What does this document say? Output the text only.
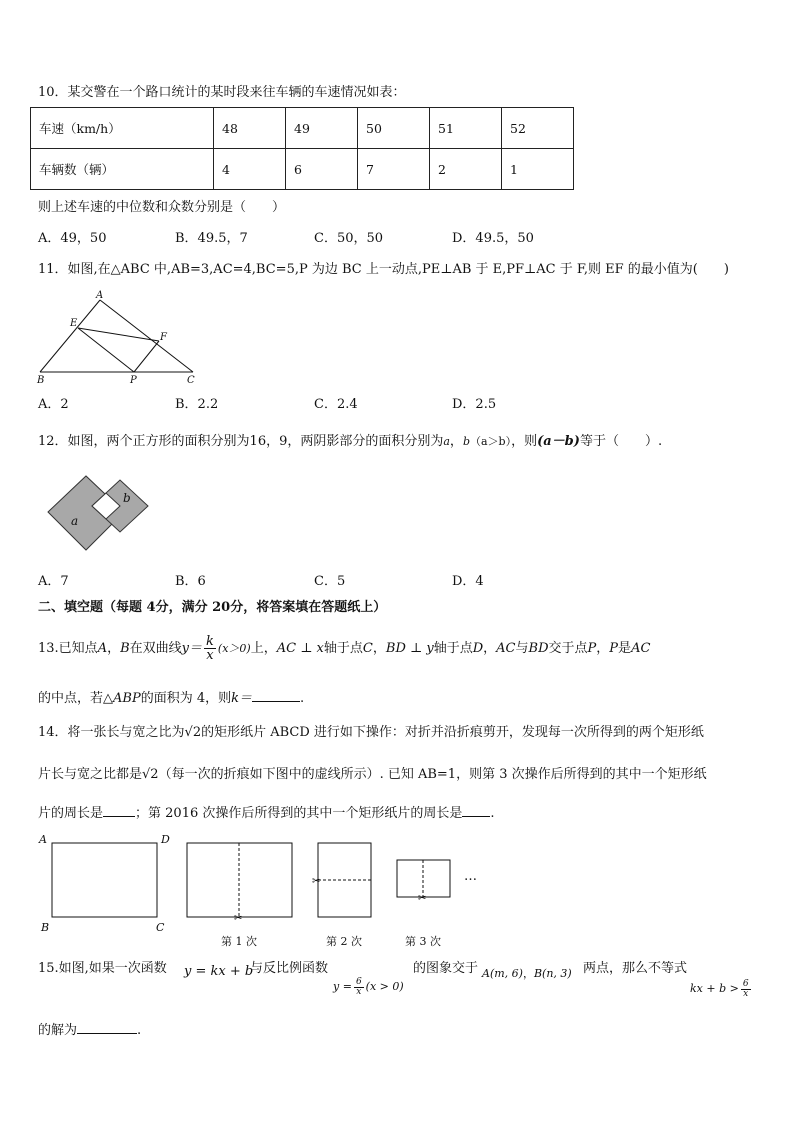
10．某交警在一个路口统计的某时段来往车辆的车速情况如表：
车速（km/h）	48	49	50	51	52
车辆数（辆）	4	6	7	2	1
则上述车速的中位数和众数分别是（　　）
A．49，50	B．49.5，7	C．50，50	D．49.5，50
11．如图,在△ABC 中,AB=3,AC=4,BC=5,P 为边 BC 上一动点,PE⊥AB 于 E,PF⊥AC 于 F,则 EF 的最小值为(　　)
A
E
F
B	P	C
A．2	B．2.2	C．2.4	D．2.5
12．如图，两个正方形的面积分别为16，9，两阴影部分的面积分别为a，b（a＞b），则(a－b)等于（　　）.
a
b
A．7	B．6	C．5	D．4
二、填空题（每题 4分，满分 20分，将答案填在答题纸上）
13.已知点A，B在双曲线$y= \frac{k}{x} (x>0)$上，AC ⊥ x轴于点C，BD ⊥ y轴于点D，AC与BD交于点P，P是AC
的中点，若△ABP的面积为 4，则k＝	.
14．将一张长与宽之比为√2的矩形纸片 ABCD 进行如下操作：对折并沿折痕剪开，发现每一次所得到的两个矩形纸
片长与宽之比都是√2（每一次的折痕如下图中的虚线所示）. 已知 AB=1，则第 3 次操作后所得到的其中一个矩形纸
片的周长是 ；第 2016 次操作后所得到的其中一个矩形纸片的周长是 .
A	D
B	C
✂
✂
✂
…
第 1 次	第 2 次	第 3 次
15.如图,如果一次函数 y = kx + b
与反比例函数
$y = \frac{6}{x} (x > 0)$
的图象交于 A(m, 6)，B(n, 3) 两点，那么不等式
kx + $b > \frac{6}{x}$
的解为	.
